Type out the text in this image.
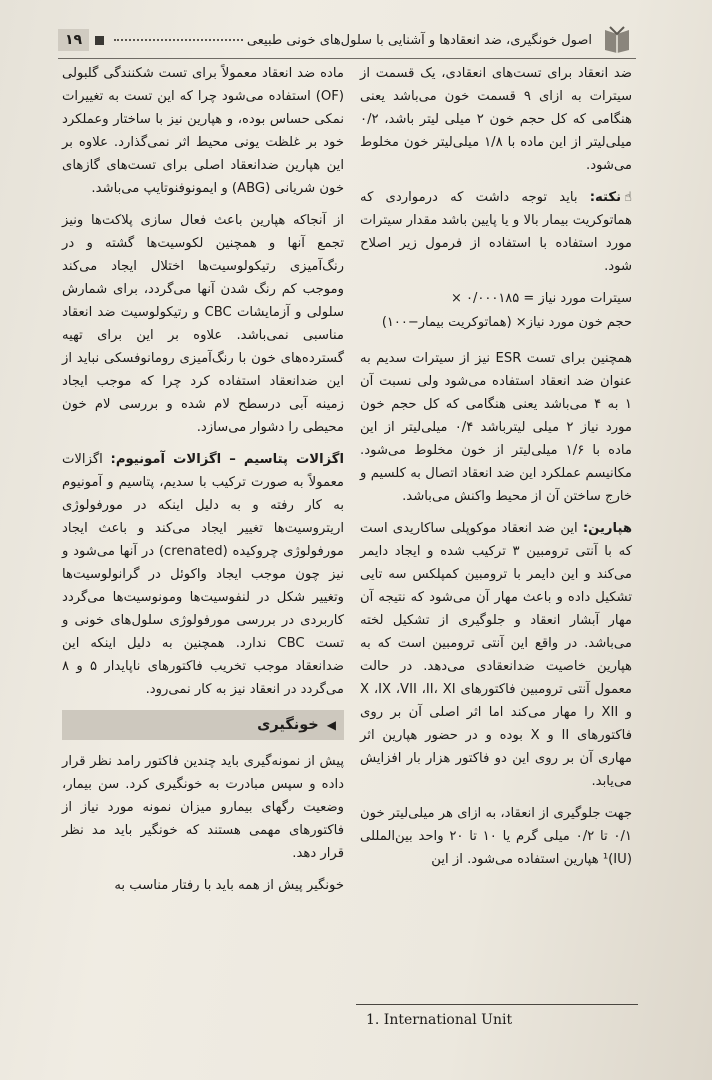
اصول خونگیری، ضد انعقادها و آشنایی با سلول‌های خونی طبیعی
۱۹

ضد انعقاد برای تست‌های انعقادی، یک قسمت از سیترات به ازای ۹ قسمت خون می‌باشد یعنی هنگامی که کل حجم خون ۲ میلی لیتر باشد، ۰/۲ میلی‌لیتر از این ماده با ۱/۸ میلی‌لیتر خون مخلوط می‌شود.

☝نکته: باید توجه داشت که درمواردی که هماتوکریت بیمار بالا و یا پایین باشد مقدار سیترات مورد استفاده با استفاده از فرمول زیر اصلاح شود.

سیترات مورد نیاز = ۰/۰۰۰۱۸۵ ×
حجم خون مورد نیاز× (هماتوکریت بیمار−۱۰۰)

همچنین برای تست ESR نیز از سیترات سدیم به عنوان ضد انعقاد استفاده می‌شود ولی نسبت آن ۱ به ۴ می‌باشد یعنی هنگامی که کل حجم خون مورد نیاز ۲ میلی لیترباشد ۰/۴ میلی‌لیتر از این ماده با ۱/۶ میلی‌لیتر از خون مخلوط می‌شود. مکانیسم عملکرد این ضد انعقاد اتصال به کلسیم و خارج ساختن آن از محیط واکنش می‌باشد.

هپارین: این ضد انعقاد موکوپلی ساکاریدی است که با آنتی ترومبین ۳ ترکیب شده و ایجاد دایمر می‌کند و این دایمر با ترومبین کمپلکس سه تایی تشکیل داده و باعث مهار آن می‌شود که نتیجه آن مهار آبشار انعقاد و جلوگیری از تشکیل لخته می‌باشد. در واقع این آنتی ترومبین است که به هپارین خاصیت ضدانعقادی می‌دهد. در حالت معمول آنتی ترومبین فاکتورهای X ،IX ،VII ،II، XI و XII را مهار می‌کند اما اثر اصلی آن بر روی فاکتورهای II و X بوده و در حضور هپارین اثر مهاری آن بر روی این دو فاکتور هزار بار افزایش می‌یابد.

جهت جلوگیری از انعقاد، به ازای هر میلی‌لیتر خون ۰/۱ تا ۰/۲ میلی گرم یا ۱۰ تا ۲۰ واحد بین‌المللی (IU)¹ هپارین استفاده می‌شود. از این

ماده ضد انعقاد معمولاً برای تست شکنندگی گلبولی (OF) استفاده می‌شود چرا که این تست به تغییرات نمکی حساس بوده، و هپارین نیز با ساختار وعملکرد خود بر غلظت یونی محیط اثر نمی‌گذارد. علاوه بر این هپارین ضدانعقاد اصلی برای تست‌های گازهای خون شریانی (ABG) و ایمونوفنوتایپ می‌باشد.

از آنجاکه هپارین باعث فعال سازی پلاکت‌ها ونیز تجمع آنها و همچنین لکوسیت‌ها گشته و در رنگ‌آمیزی رتیکولوسیت‌ها اختلال ایجاد می‌کند وموجب کم رنگ شدن آنها می‌گردد، برای شمارش سلولی و آزمایشات CBC و رتیکولوسیت ضد انعقاد مناسبی نمی‌باشد. علاوه بر این برای تهیه گسترده‌های خون با رنگ‌آمیزی رومانوفسکی نباید از این ضدانعقاد استفاده کرد چرا که موجب ایجاد زمینه آبی درسطح لام شده و بررسی لام خون محیطی را دشوار می‌سازد.

اگزالات پتاسیم – اگزالات آمونیوم: اگزالات معمولاً به صورت ترکیب با سدیم، پتاسیم و آمونیوم به کار رفته و به دلیل اینکه در مورفولوژی اریتروسیت‌ها تغییر ایجاد می‌کند و باعث ایجاد مورفولوژی چروکیده (crenated) در آنها می‌شود و نیز چون موجب ایجاد واکوئل در گرانولوسیت‌ها وتغییر شکل در لنفوسیت‌ها ومونوسیت‌ها می‌گردد کاربردی در بررسی مورفولوژی سلول‌های خونی و تست CBC ندارد. همچنین به دلیل اینکه این ضدانعقاد موجب تخریب فاکتورهای ناپایدار ۵ و ۸ می‌گردد در انعقاد نیز به کار نمی‌رود.

◀
خونگیری

پیش از نمونه‌گیری باید چندین فاکتور رامد نظر قرار داده و سپس مبادرت به خونگیری کرد. سن بیمار، وضعیت رگهای بیمارو میزان نمونه مورد نیاز از فاکتورهای مهمی هستند که خونگیر باید مد نظر قرار دهد.

خونگیر پیش از همه باید با رفتار مناسب به

1. International Unit
